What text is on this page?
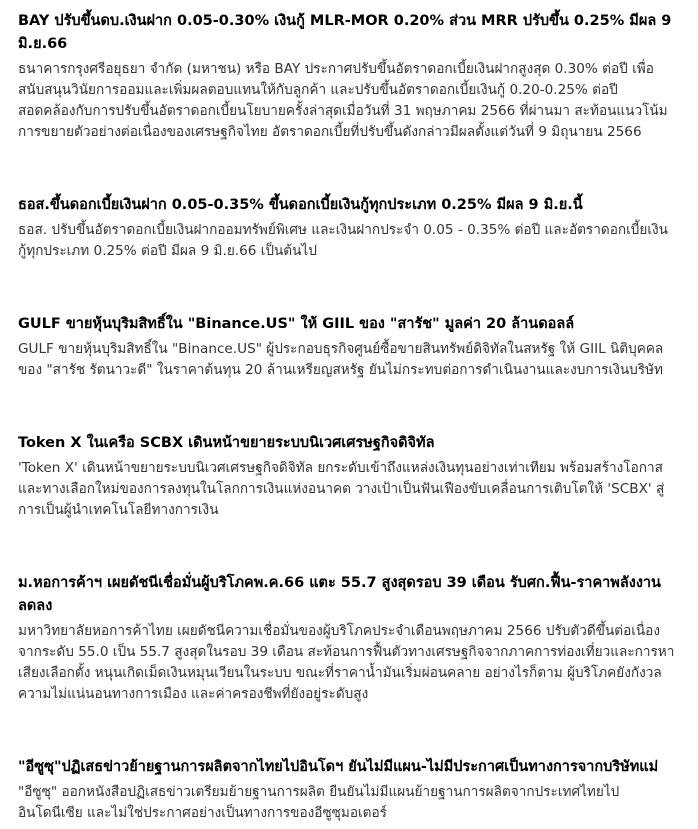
BAY ปรับขึ้นดบ.เงินฝาก 0.05-0.30% เงินกู้ MLR-MOR 0.20% ส่วน MRR ปรับขึ้น 0.25% มีผล 9 มิ.ย.66

ธนาคารกรุงศรีอยุธยา จำกัด (มหาชน) หรือ BAY ประกาศปรับขึ้นอัตราดอกเบี้ยเงินฝากสูงสุด 0.30% ต่อปี เพื่อสนับสนุนวินัยการออมและเพิ่มผลตอบแทนให้กับลูกค้า และปรับขึ้นอัตราดอกเบี้ยเงินกู้ 0.20-0.25% ต่อปี สอดคล้องกับการปรับขึ้นอัตราดอกเบี้ยนโยบายครั้งล่าสุดเมื่อวันที่ 31 พฤษภาคม 2566 ที่ผ่านมา สะท้อนแนวโน้มการขยายตัวอย่างต่อเนื่องของเศรษฐกิจไทย อัตราดอกเบี้ยที่ปรับขึ้นดังกล่าวมีผลตั้งแต่วันที่ 9 มิถุนายน 2566

ธอส.ขึ้นดอกเบี้ยเงินฝาก 0.05-0.35% ขึ้นดอกเบี้ยเงินกู้ทุกประเภท 0.25% มีผล 9 มิ.ย.นี้

ธอส. ปรับขึ้นอัตราดอกเบี้ยเงินฝากออมทรัพย์พิเศษ และเงินฝากประจำ 0.05 - 0.35% ต่อปี และอัตราดอกเบี้ยเงินกู้ทุกประเภท 0.25% ต่อปี มีผล 9 มิ.ย.66 เป็นต้นไป

GULF ขายหุ้นบุริมสิทธิ์ใน "Binance.US" ให้ GIIL ของ "สารัช" มูลค่า 20 ล้านดอลล์

GULF ขายหุ้นบุริมสิทธิ์ใน "Binance.US" ผู้ประกอบธุรกิจศูนย์ซื้อขายสินทรัพย์ดิจิทัลในสหรัฐ ให้ GIIL นิติบุคคลของ "สารัช รัตนาวะดี" ในราคาต้นทุน 20 ล้านเหรียญสหรัฐ ยันไม่กระทบต่อการดำเนินงานและงบการเงินบริษัท

Token X ในเครือ SCBX เดินหน้าขยายระบบนิเวศเศรษฐกิจดิจิทัล

'Token X' เดินหน้าขยายระบบนิเวศเศรษฐกิจดิจิทัล ยกระดับเข้าถึงแหล่งเงินทุนอย่างเท่าเทียม พร้อมสร้างโอกาสและทางเลือกใหม่ของการลงทุนในโลกการเงินแห่งอนาคต วางเป้าเป็นฟันเฟืองขับเคลื่อนการเติบโตให้ 'SCBX' สู่การเป็นผู้นำเทคโนโลยีทางการเงิน

ม.หอการค้าฯ เผยดัชนีเชื่อมั่นผู้บริโภคพ.ค.66 แตะ 55.7 สูงสุดรอบ 39 เดือน รับศก.ฟื้น-ราคาพลังงานลดลง

มหาวิทยาลัยหอการค้าไทย เผยดัชนีความเชื่อมั่นของผู้บริโภคประจำเดือนพฤษภาคม 2566 ปรับตัวดีขึ้นต่อเนื่อง จากระดับ 55.0 เป็น 55.7 สูงสุดในรอบ 39 เดือน สะท้อนการฟื้นตัวทางเศรษฐกิจจากภาคการท่องเที่ยวและการหาเสียงเลือกตั้ง หนุนเกิดเม็ดเงินหมุนเวียนในระบบ ขณะที่ราคาน้ำมันเริ่มผ่อนคลาย อย่างไรก็ตาม ผู้บริโภคยังกังวลความไม่แน่นอนทางการเมือง และค่าครองชีพที่ยังอยู่ระดับสูง

"อีซูซุ"ปฏิเสธข่าวย้ายฐานการผลิตจากไทยไปอินโดฯ ยันไม่มีแผน-ไม่มีประกาศเป็นทางการจากบริษัทแม่

"อีซูซุ" ออกหนังสือปฏิเสธข่าวเตรียมย้ายฐานการผลิต ยืนยันไม่มีแผนย้ายฐานการผลิตจากประเทศไทยไปอินโดนีเซีย และไม่ใช่ประกาศอย่างเป็นทางการของอีซูซุมอเตอร์
